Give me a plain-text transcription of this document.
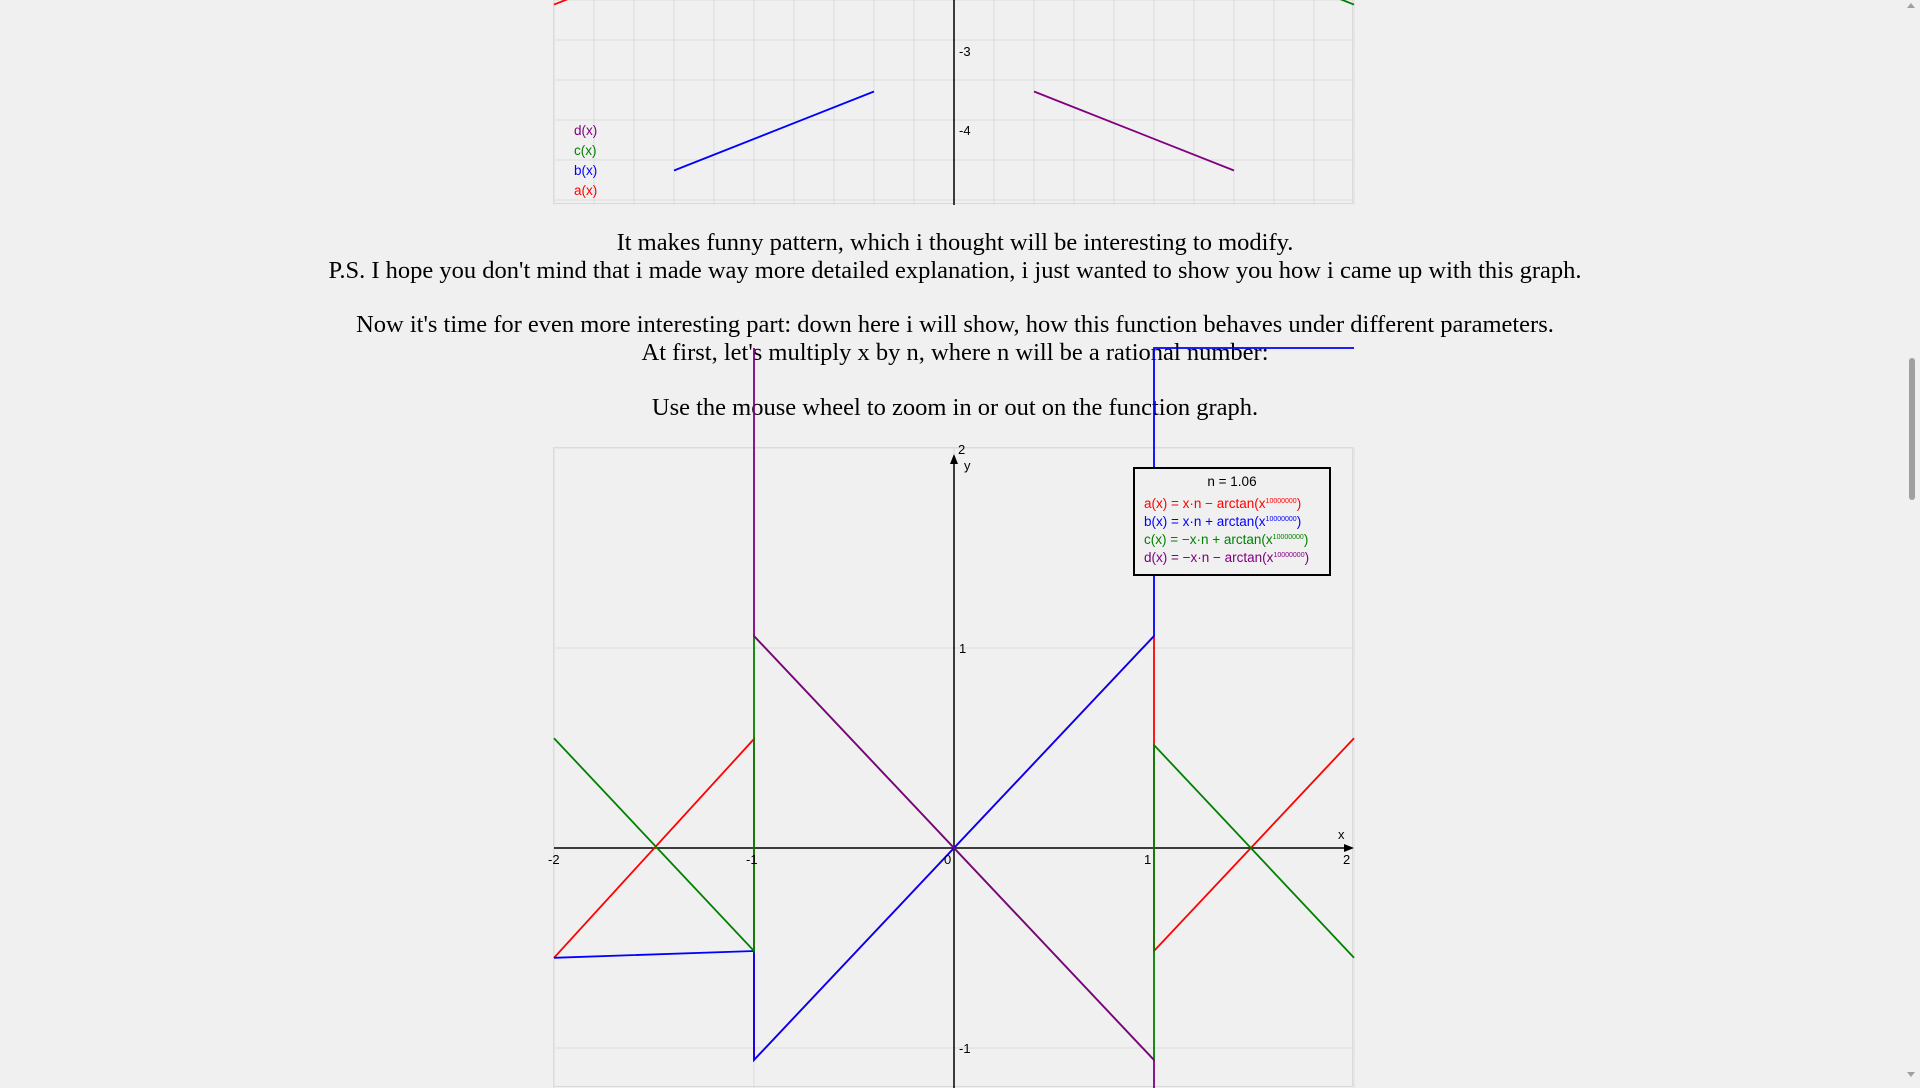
-3
-4
d(x)
c(x)
b(x)
a(x)

It makes funny pattern, which i thought will be interesting to modify.

P.S. I hope you don't mind that i made way more detailed explanation, i just wanted to show you how i came up with this graph.

Now it's time for even more interesting part: down here i will show, how this function behaves under different parameters.

At first, let's multiply x by n, where n will be a rational number:

Use the mouse wheel to zoom in or out on the function graph.

y
x
-2	-1	0	1	2
2
1
-1
n = 1.06
$a(x) = x\cdot n - \arctan(x^{10000000})$
$b(x) = x\cdot n + \arctan(x^{10000000})$
$c(x) = -x\cdot n + \arctan(x^{10000000})$
$d(x) = -x\cdot n - \arctan(x^{10000000})$
